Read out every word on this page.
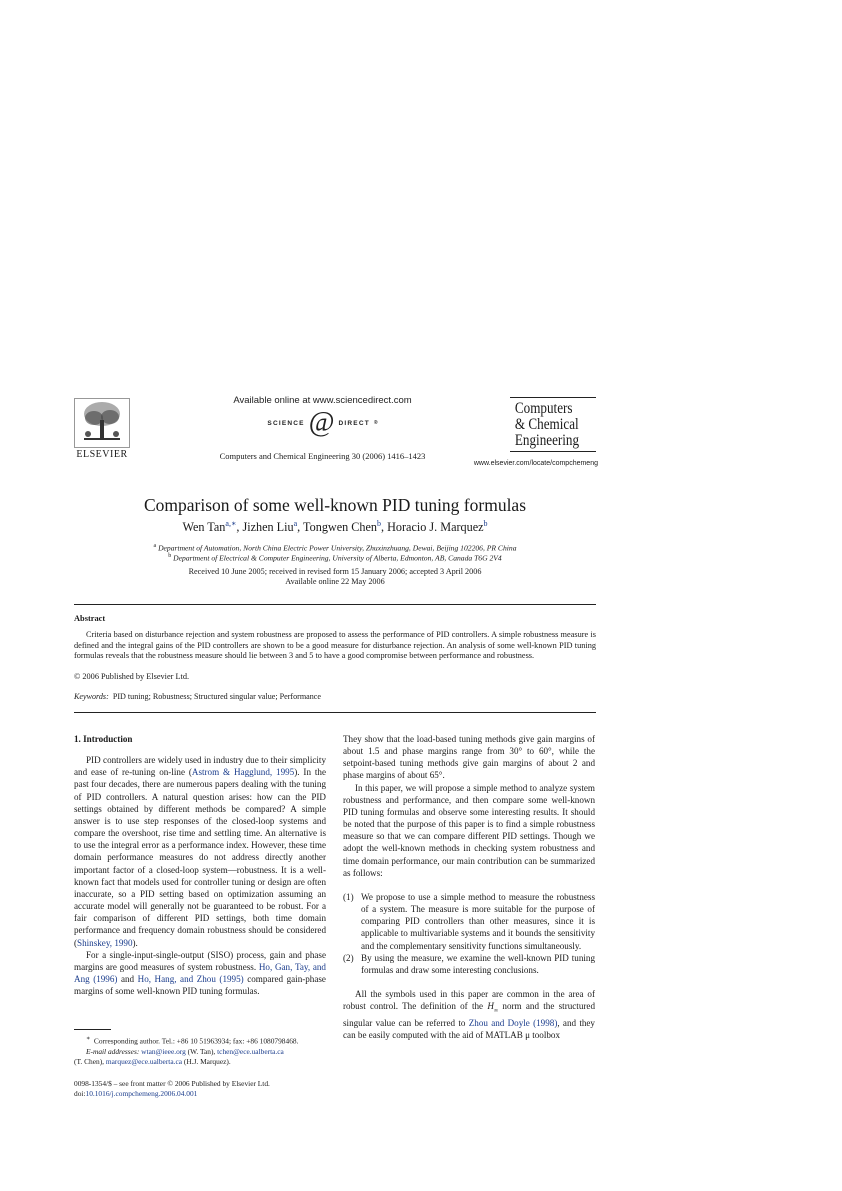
ELSEVIER
Available online at www.sciencedirect.com
SCIENCE @ DIRECT ®
Computers and Chemical Engineering 30 (2006) 1416–1423
Computers
& Chemical
Engineering
www.elsevier.com/locate/compchemeng
Comparison of some well-known PID tuning formulas
Wen Tan$^{a,∗}$, Jizhen Liu$^a$, Tongwen Chen$^b$, Horacio J. Marquez$^b$
$^a$ Department of Automation, North China Electric Power University, Zhuxinzhuang, Dewai, Beijing 102206, PR China
$^b$ Department of Electrical & Computer Engineering, University of Alberta, Edmonton, AB, Canada T6G 2V4
Received 10 June 2005; received in revised form 15 January 2006; accepted 3 April 2006
Available online 22 May 2006
Abstract
Criteria based on disturbance rejection and system robustness are proposed to assess the performance of PID controllers. A simple robustness measure is defined and the integral gains of the PID controllers are shown to be a good measure for disturbance rejection. An analysis of some well-known PID tuning formulas reveals that the robustness measure should lie between 3 and 5 to have a good compromise between performance and robustness.
© 2006 Published by Elsevier Ltd.
Keywords: PID tuning; Robustness; Structured singular value; Performance

1. Introduction

PID controllers are widely used in industry due to their simplicity and ease of re-tuning on-line (Astrom & Hagglund, 1995). In the past four decades, there are numerous papers dealing with the tuning of PID controllers. A natural question arises: how can the PID settings obtained by different methods be compared? A simple answer is to use step responses of the closed-loop systems and compare the overshoot, rise time and settling time. An alternative is to use the integral error as a performance index. However, these time domain performance measures do not address directly another important factor of a closed-loop system—robustness. It is a well-known fact that models used for controller tuning or design are often inaccurate, so a PID setting based on optimization assuming an accurate model will generally not be guaranteed to be robust. For a fair comparison of different PID settings, both time domain performance and frequency domain robustness should be considered (Shinskey, 1990).

For a single-input-single-output (SISO) process, gain and phase margins are good measures of system robustness. Ho, Gan, Tay, and Ang (1996) and Ho, Hang, and Zhou (1995) compared gain-phase margins of some well-known PID tuning formulas.

They show that the load-based tuning methods give gain margins of about 1.5 and phase margins range from 30° to 60°, while the setpoint-based tuning methods give gain margins of about 2 and phase margins of about 65°.

In this paper, we will propose a simple method to analyze system robustness and performance, and then compare some well-known PID tuning formulas and observe some interesting results. It should be noted that the purpose of this paper is to find a simple robustness measure so that we can compare different PID settings. Though we adopt the well-known methods in checking system robustness and time domain performance, our main contribution can be summarized as follows:

(1) We propose to use a simple method to measure the robustness of a system. The measure is more suitable for the purpose of comparing PID controllers than other measures, since it is applicable to multivariable systems and it bounds the sensitivity and the complementary sensitivity functions simultaneously.
(2) By using the measure, we examine the well-known PID tuning formulas and draw some interesting conclusions.

All the symbols used in this paper are common in the area of robust control. The definition of the $H_\infty$ norm and the structured singular value can be referred to Zhou and Doyle (1998), and they can be easily computed with the aid of MATLAB μ toolbox

∗ Corresponding author. Tel.: +86 10 51963934; fax: +86 1080798468.
E-mail addresses: wtan@ieee.org (W. Tan), tchen@ece.ualberta.ca
(T. Chen), marquez@ece.ualberta.ca (H.J. Marquez).
0098-1354/$ – see front matter © 2006 Published by Elsevier Ltd.
doi:10.1016/j.compchemeng.2006.04.001
